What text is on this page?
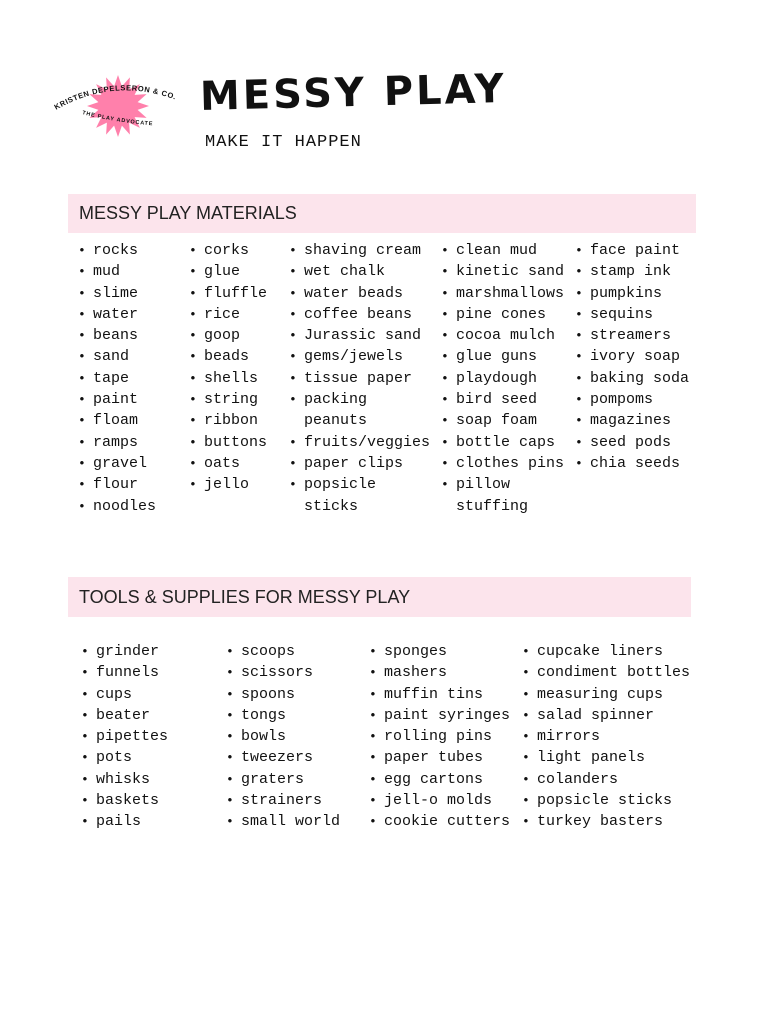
KRISTEN DEPELSERON & CO.
THE PLAY ADVOCATE
MESSY PLAY

MAKE IT HAPPEN

MESSY PLAY MATERIALS
• rocks
• mud
• slime
• water
• beans
• sand
• tape
• paint
• floam
• ramps
• gravel
• flour
• noodles
• corks
• glue
• fluffle
• rice
• goop
• beads
• shells
• string
• ribbon
• buttons
• oats
• jello
• shaving cream
• wet chalk
• water beads
• coffee beans
• Jurassic sand
• gems/jewels
• tissue paper
• packing peanuts
• fruits/veggies
• paper clips
• popsicle sticks
• clean mud
• kinetic sand
• marshmallows
• pine cones
• cocoa mulch
• glue guns
• playdough
• bird seed
• soap foam
• bottle caps
• clothes pins
• pillow stuffing
• face paint
• stamp ink
• pumpkins
• sequins
• streamers
• ivory soap
• baking soda
• pompoms
• magazines
• seed pods
• chia seeds
TOOLS & SUPPLIES FOR MESSY PLAY
• grinder
• funnels
• cups
• beater
• pipettes
• pots
• whisks
• baskets
• pails
• scoops
• scissors
• spoons
• tongs
• bowls
• tweezers
• graters
• strainers
• small world
• sponges
• mashers
• muffin tins
• paint syringes
• rolling pins
• paper tubes
• egg cartons
• jell-o molds
• cookie cutters
• cupcake liners
• condiment bottles
• measuring cups
• salad spinner
• mirrors
• light panels
• colanders
• popsicle sticks
• turkey basters
